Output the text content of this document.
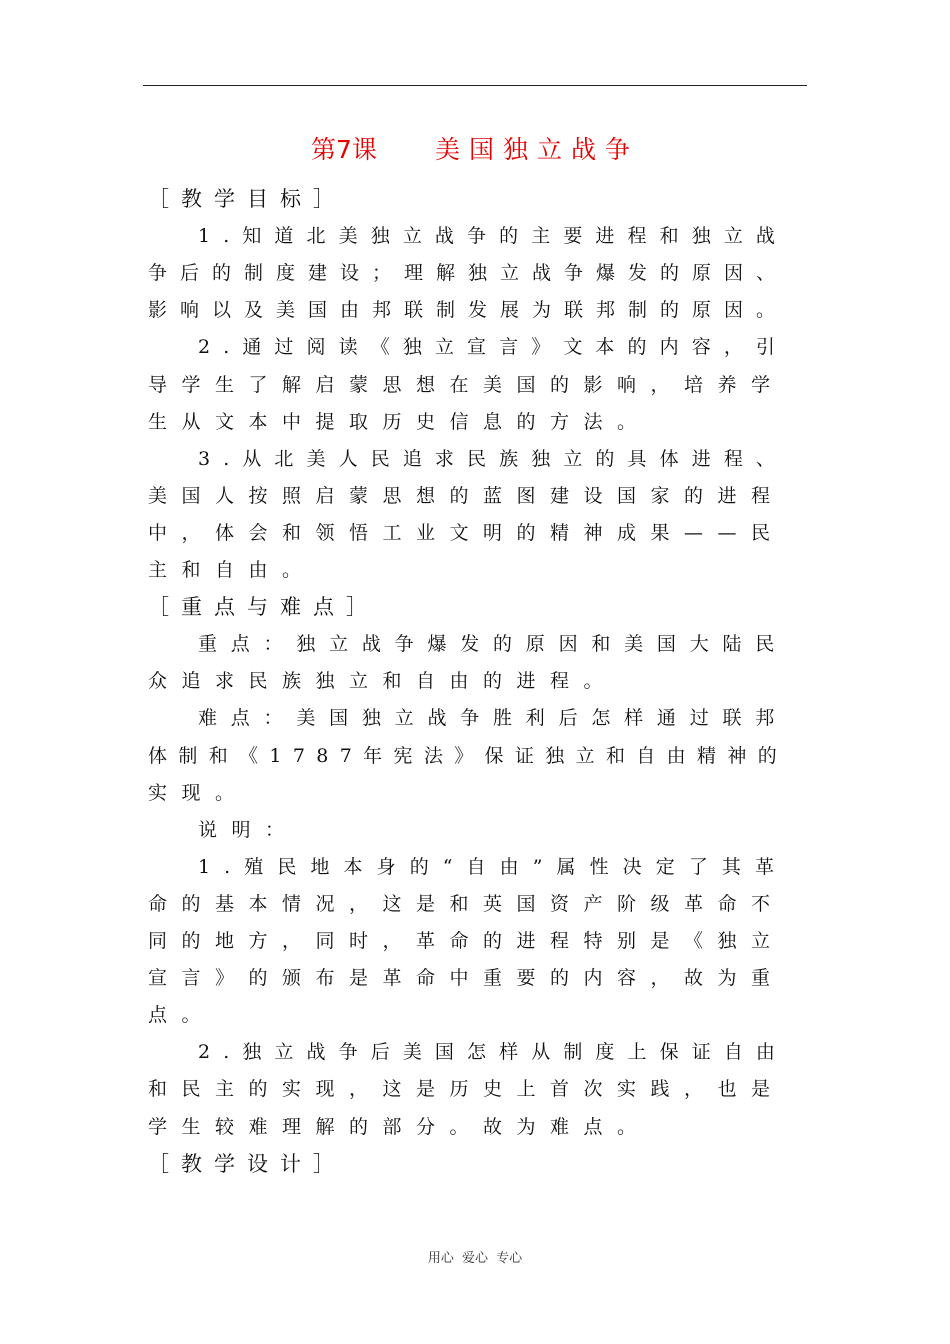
第7课 美国独立战争
［教学目标］
1.知道北美独立战争的主要进程和独立战
争后的制度建设；理解独立战争爆发的原因、
影响以及美国由邦联制发展为联邦制的原因。
2.通过阅读《独立宣言》文本的内容，引
导学生了解启蒙思想在美国的影响，培养学
生从文本中提取历史信息的方法。
3.从北美人民追求民族独立的具体进程、
美国人按照启蒙思想的蓝图建设国家的进程
中，体会和领悟工业文明的精神成果——民
主和自由。
［重点与难点］
重点：独立战争爆发的原因和美国大陆民
众追求民族独立和自由的进程。
难点：美国独立战争胜利后怎样通过联邦
体制和《1787年宪法》保证独立和自由精神的
实现。
说明：
1.殖民地本身的“自由”属性决定了其革
命的基本情况，这是和英国资产阶级革命不
同的地方，同时，革命的进程特别是《独立
宣言》的颁布是革命中重要的内容，故为重
点。
2.独立战争后美国怎样从制度上保证自由
和民主的实现，这是历史上首次实践，也是
学生较难理解的部分。故为难点。
［教学设计］
用心 爱心 专心
